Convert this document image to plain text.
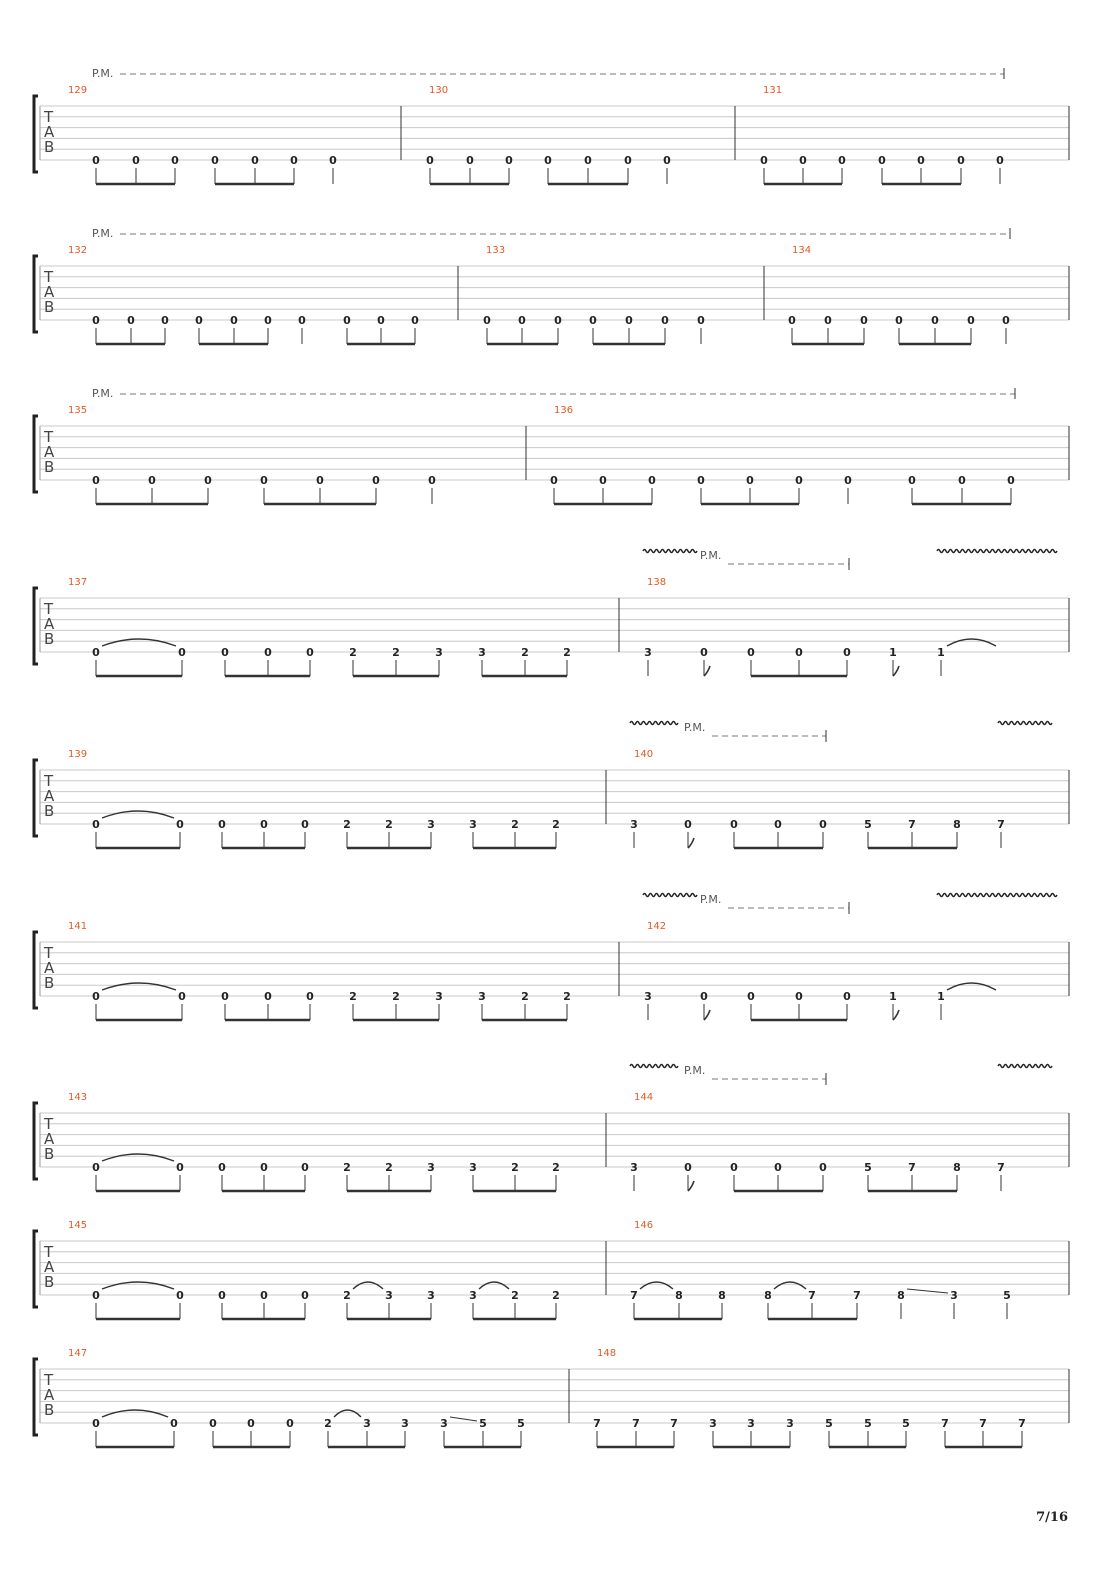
T
A
B
P.M.
129
0	0	0	0	0	0	0
130
0	0	0	0	0	0	0
131
0	0	0	0	0	0	0
T
A
B
P.M.
132
0 0 0 0 0 0 0	0 0 0
133
0 0	0 0	0	0	0
134
0	0	0 0	0	0 0
T
A
B
P.M.
135
0	0	0	0	0	0	0
136
0	0	0	0	0	0	0	0	0	0
T
A
B
P.M.
137
0	0	0	0	0	2	2	3	3	2	2
138
3	0	0	0	0	1	1
T
A
B
P.M.
139
0	0	0	0	0	2	2	3	3	2	2
140
3	0	0	0	0	5	7	8	7
T
A
B
P.M.
141
0	0	0	0	0	2	2	3	3	2	2
142
3	0	0	0	0	1	1
T
A
B
P.M.
143
0	0	0	0	0	2	2	3	3	2	2
144
3	0	0	0	0	5	7	8	7
T
A
B
145
0	0	0	0	0	2	3	3	3	2	2
146
7	8	8	8	7	7	8	3	5
T
A
B
147
0	0	0	0	0	2	3	3	3	5	5
148
7	7	7	3	3	3	5	5	5	7	7	7
7/16
